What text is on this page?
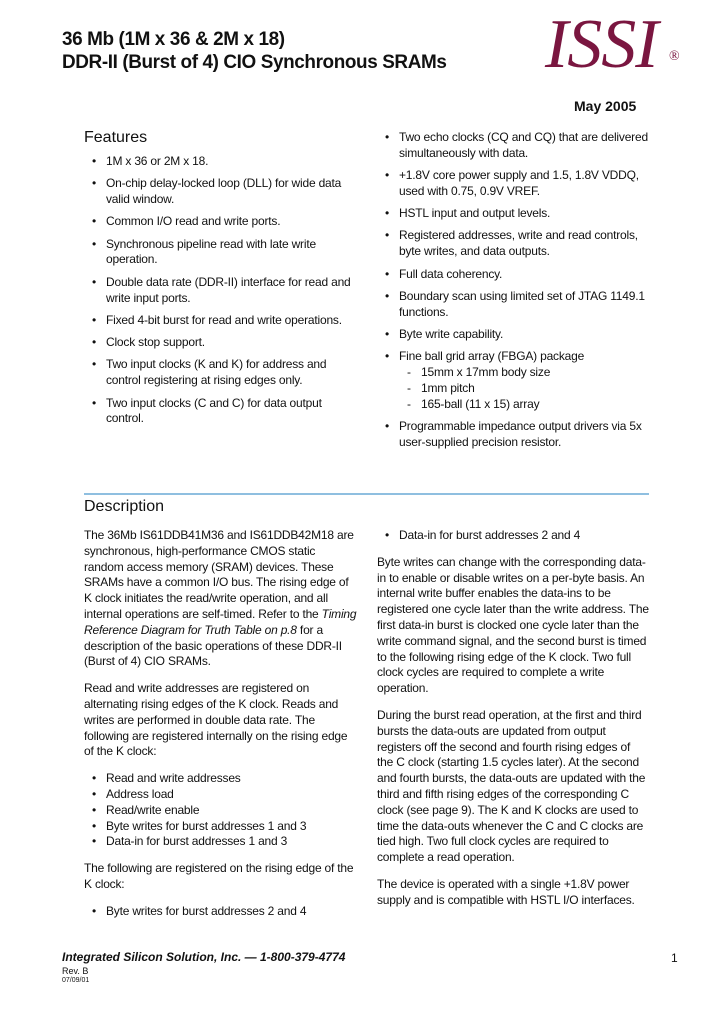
36 Mb (1M x 36 & 2M x 18)
DDR-II (Burst of 4) CIO Synchronous SRAMs ISSI ®
May 2005
Features
• 1M x 36 or 2M x 18.
• On-chip delay-locked loop (DLL) for wide data valid window.
• Common I/O read and write ports.
• Synchronous pipeline read with late write operation.
• Double data rate (DDR-II) interface for read and write input ports.
• Fixed 4-bit burst for read and write operations.
• Clock stop support.
• Two input clocks (K and K) for address and control registering at rising edges only.
• Two input clocks (C and C) for data output control.
• Two echo clocks (CQ and CQ) that are delivered simultaneously with data.
• +1.8V core power supply and 1.5, 1.8V VDDQ, used with 0.75, 0.9V VREF.
• HSTL input and output levels.
• Registered addresses, write and read controls, byte writes, and data outputs.
• Full data coherency.
• Boundary scan using limited set of JTAG 1149.1 functions.
• Byte write capability.
• Fine ball grid array (FBGA) package
- 15mm x 17mm body size
- 1mm pitch
- 165-ball (11 x 15) array
• Programmable impedance output drivers via 5x user-supplied precision resistor.
Description

The 36Mb IS61DDB41M36 and IS61DDB42M18 are synchronous, high-performance CMOS static random access memory (SRAM) devices. These SRAMs have a common I/O bus. The rising edge of K clock initiates the read/write operation, and all internal operations are self-timed. Refer to the Timing Reference Diagram for Truth Table on p.8 for a description of the basic operations of these DDR-II (Burst of 4) CIO SRAMs.

Read and write addresses are registered on alternating rising edges of the K clock. Reads and writes are performed in double data rate. The following are registered internally on the rising edge of the K clock:

• Read and write addresses
• Address load
• Read/write enable
• Byte writes for burst addresses 1 and 3
• Data-in for burst addresses 1 and 3

The following are registered on the rising edge of the K clock:

• Byte writes for burst addresses 2 and 4
• Data-in for burst addresses 2 and 4

Byte writes can change with the corresponding data-in to enable or disable writes on a per-byte basis. An internal write buffer enables the data-ins to be registered one cycle later than the write address. The first data-in burst is clocked one cycle later than the write command signal, and the second burst is timed to the following rising edge of the K clock. Two full clock cycles are required to complete a write operation.

During the burst read operation, at the first and third bursts the data-outs are updated from output registers off the second and fourth rising edges of the C clock (starting 1.5 cycles later). At the second and fourth bursts, the data-outs are updated with the third and fifth rising edges of the corresponding C clock (see page 9). The K and K clocks are used to time the data-outs whenever the C and C clocks are tied high. Two full clock cycles are required to complete a read operation.

The device is operated with a single +1.8V power supply and is compatible with HSTL I/O interfaces.

Integrated Silicon Solution, Inc. — 1-800-379-4774
Rev. B
07/09/01
1
